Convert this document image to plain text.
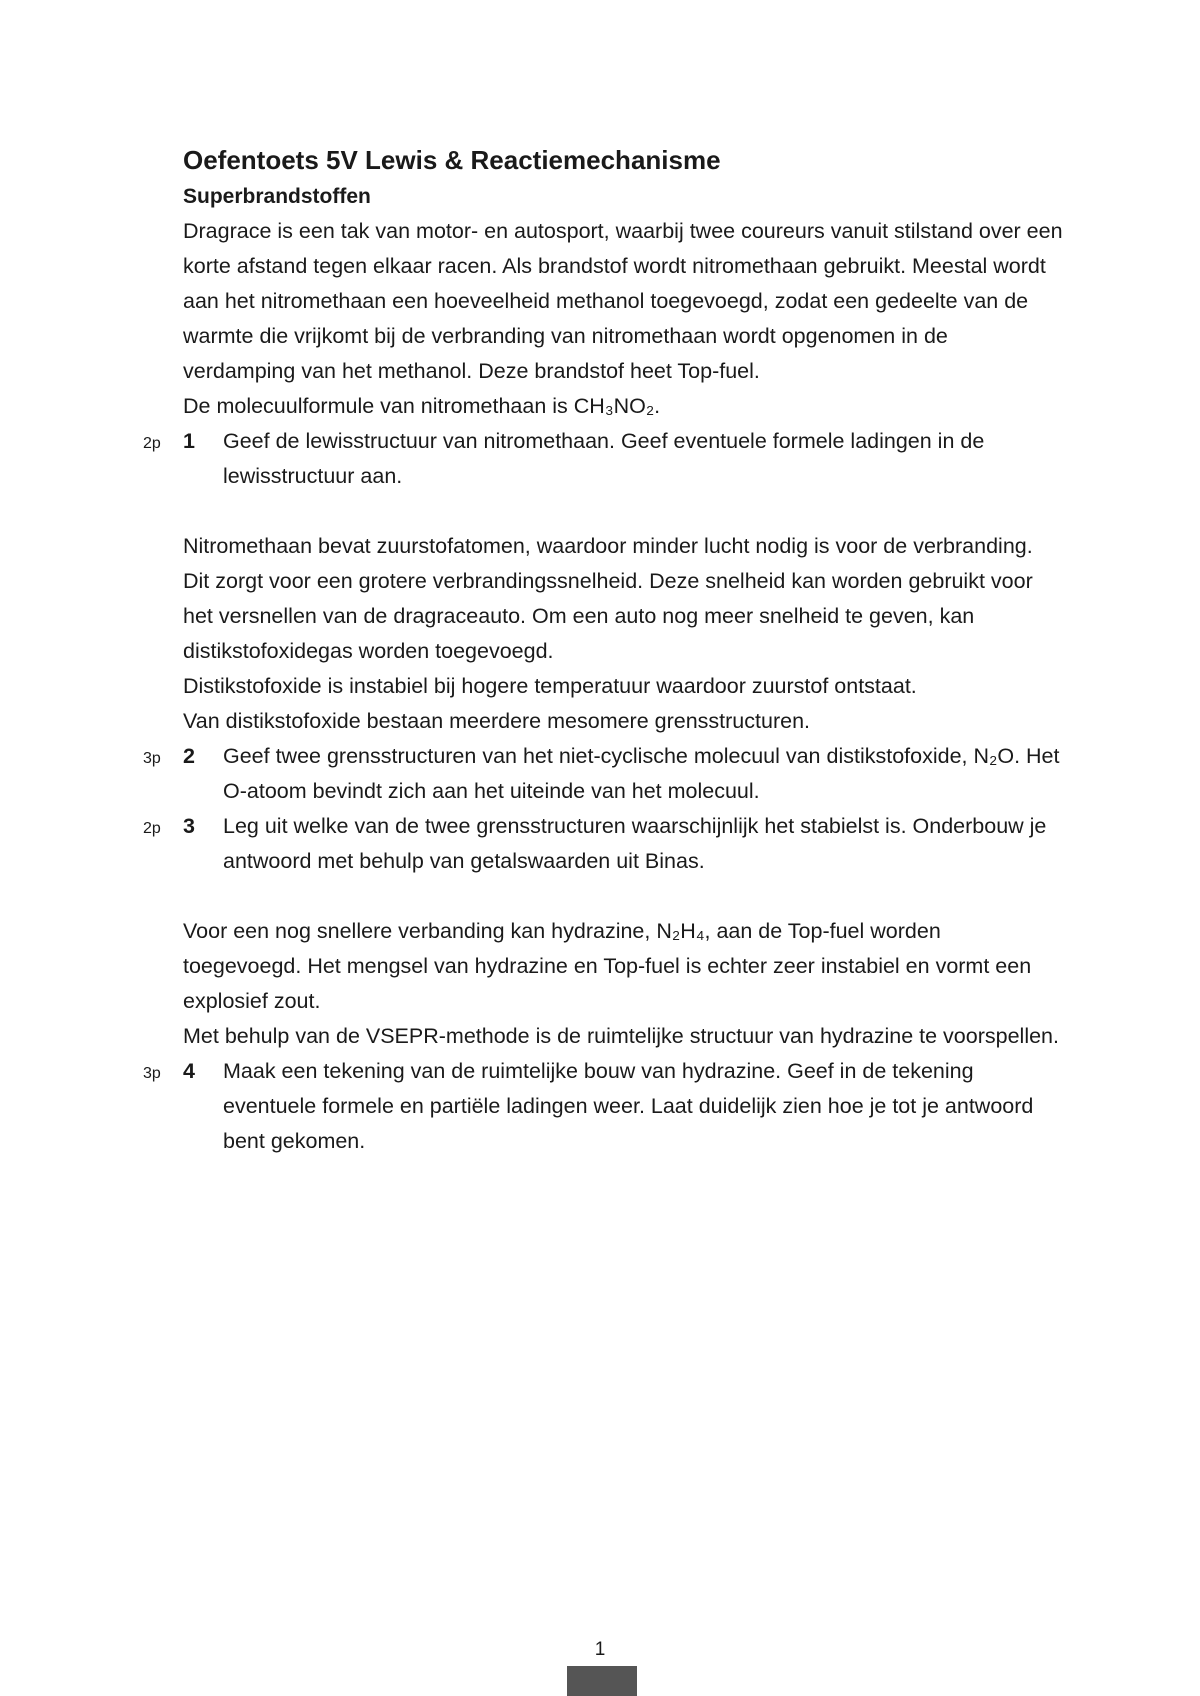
Oefentoets 5V Lewis & Reactiemechanisme
Superbrandstoffen

Dragrace is een tak van motor- en autosport, waarbij twee coureurs vanuit stilstand over een korte afstand tegen elkaar racen. Als brandstof wordt nitromethaan gebruikt. Meestal wordt aan het nitromethaan een hoeveelheid methanol toegevoegd, zodat een gedeelte van de warmte die vrijkomt bij de verbranding van nitromethaan wordt opgenomen in de verdamping van het methanol. Deze brandstof heet Top-fuel.

De molecuulformule van nitromethaan is CH₃NO₂.

2p 1 Geef de lewisstructuur van nitromethaan. Geef eventuele formele ladingen in de lewisstructuur aan.

Nitromethaan bevat zuurstofatomen, waardoor minder lucht nodig is voor de verbranding. Dit zorgt voor een grotere verbrandingssnelheid. Deze snelheid kan worden gebruikt voor het versnellen van de dragraceauto. Om een auto nog meer snelheid te geven, kan distikstofoxidegas worden toegevoegd.

Distikstofoxide is instabiel bij hogere temperatuur waardoor zuurstof ontstaat.

Van distikstofoxide bestaan meerdere mesomere grensstructuren.

3p 2 Geef twee grensstructuren van het niet-cyclische molecuul van distikstofoxide, N₂O. Het O-atoom bevindt zich aan het uiteinde van het molecuul.
2p 3 Leg uit welke van de twee grensstructuren waarschijnlijk het stabielst is. Onderbouw je antwoord met behulp van getalswaarden uit Binas.

Voor een nog snellere verbanding kan hydrazine, N₂H₄, aan de Top-fuel worden toegevoegd. Het mengsel van hydrazine en Top-fuel is echter zeer instabiel en vormt een explosief zout.

Met behulp van de VSEPR-methode is de ruimtelijke structuur van hydrazine te voorspellen.

3p 4 Maak een tekening van de ruimtelijke bouw van hydrazine. Geef in de tekening eventuele formele en partiële ladingen weer. Laat duidelijk zien hoe je tot je antwoord bent gekomen.
1
